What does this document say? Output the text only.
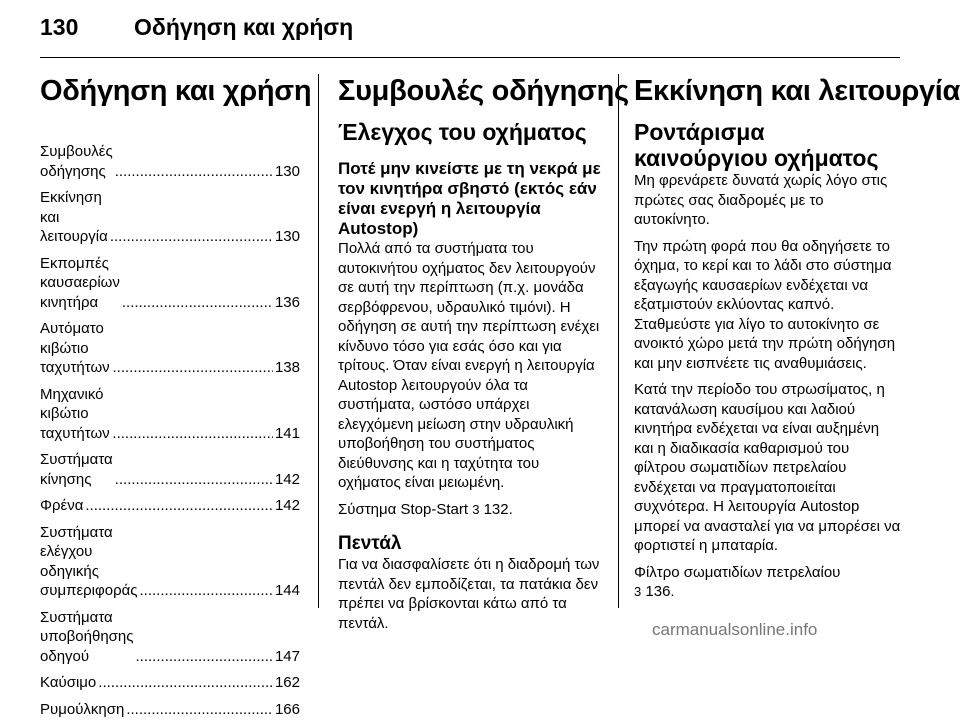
130	Οδήγηση και χρήση
Οδήγηση και χρήση
Συμβουλές οδήγησης .....	130
Εκκίνηση και λειτουργία .....	130
Εκπομπές καυσαερίων κινητήρα .....	136
Αυτόματο κιβώτιο ταχυτήτων .....	138
Μηχανικό κιβώτιο ταχυτήτων .....	141
Συστήματα κίνησης .....	142
Φρένα .....	142
Συστήματα ελέγχου οδηγικής συμπεριφοράς .....	144
Συστήματα υποβοήθησης οδηγού .....	147
Καύσιμο .....	162
Ρυμούλκηση .....	166
Συμβουλές οδήγησης
Έλεγχος του οχήματος
Ποτέ μην κινείστε με τη νεκρά με τον κινητήρα σβηστό (εκτός εάν είναι ενεργή η λειτουργία Autostop)

Πολλά από τα συστήματα του αυτοκινήτου οχήματος δεν λειτουργούν σε αυτή την περίπτωση (π.χ. μονάδα σερβόφρενου, υδραυλικό τιμόνι). Η οδήγηση σε αυτή την περίπτωση ενέχει κίνδυνο τόσο για εσάς όσο και για τρίτους. Όταν είναι ενεργή η λειτουργία Autostop λειτουργούν όλα τα συστήματα, ωστόσο υπάρχει ελεγχόμενη μείωση στην υδραυλική υποβοήθηση του συστήματος διεύθυνσης και η ταχύτητα του οχήματος είναι μειωμένη.

Σύστημα Stop-Start 3 132.

Πεντάλ

Για να διασφαλίσετε ότι η διαδρομή των πεντάλ δεν εμποδίζεται, τα πατάκια δεν πρέπει να βρίσκονται κάτω από τα πεντάλ.

Εκκίνηση και λειτουργία
Ροντάρισμα καινούργιου οχήματος

Μη φρενάρετε δυνατά χωρίς λόγο στις πρώτες σας διαδρομές με το αυτοκίνητο.

Την πρώτη φορά που θα οδηγήσετε το όχημα, το κερί και το λάδι στο σύστημα εξαγωγής καυσαερίων ενδέχεται να εξατμιστούν εκλύοντας καπνό. Σταθμεύστε για λίγο το αυτοκίνητο σε ανοικτό χώρο μετά την πρώτη οδήγηση και μην εισπνέετε τις αναθυμιάσεις.

Κατά την περίοδο του στρωσίματος, η κατανάλωση καυσίμου και λαδιού κινητήρα ενδέχεται να είναι αυξημένη και η διαδικασία καθαρισμού του φίλτρου σωματιδίων πετρελαίου ενδέχεται να πραγματοποιείται συχνότερα. Η λειτουργία Autostop μπορεί να ανασταλεί για να μπορέσει να φορτιστεί η μπαταρία.

Φίλτρο σωματιδίων πετρελαίου
3 136.

carmanualsonline.info
